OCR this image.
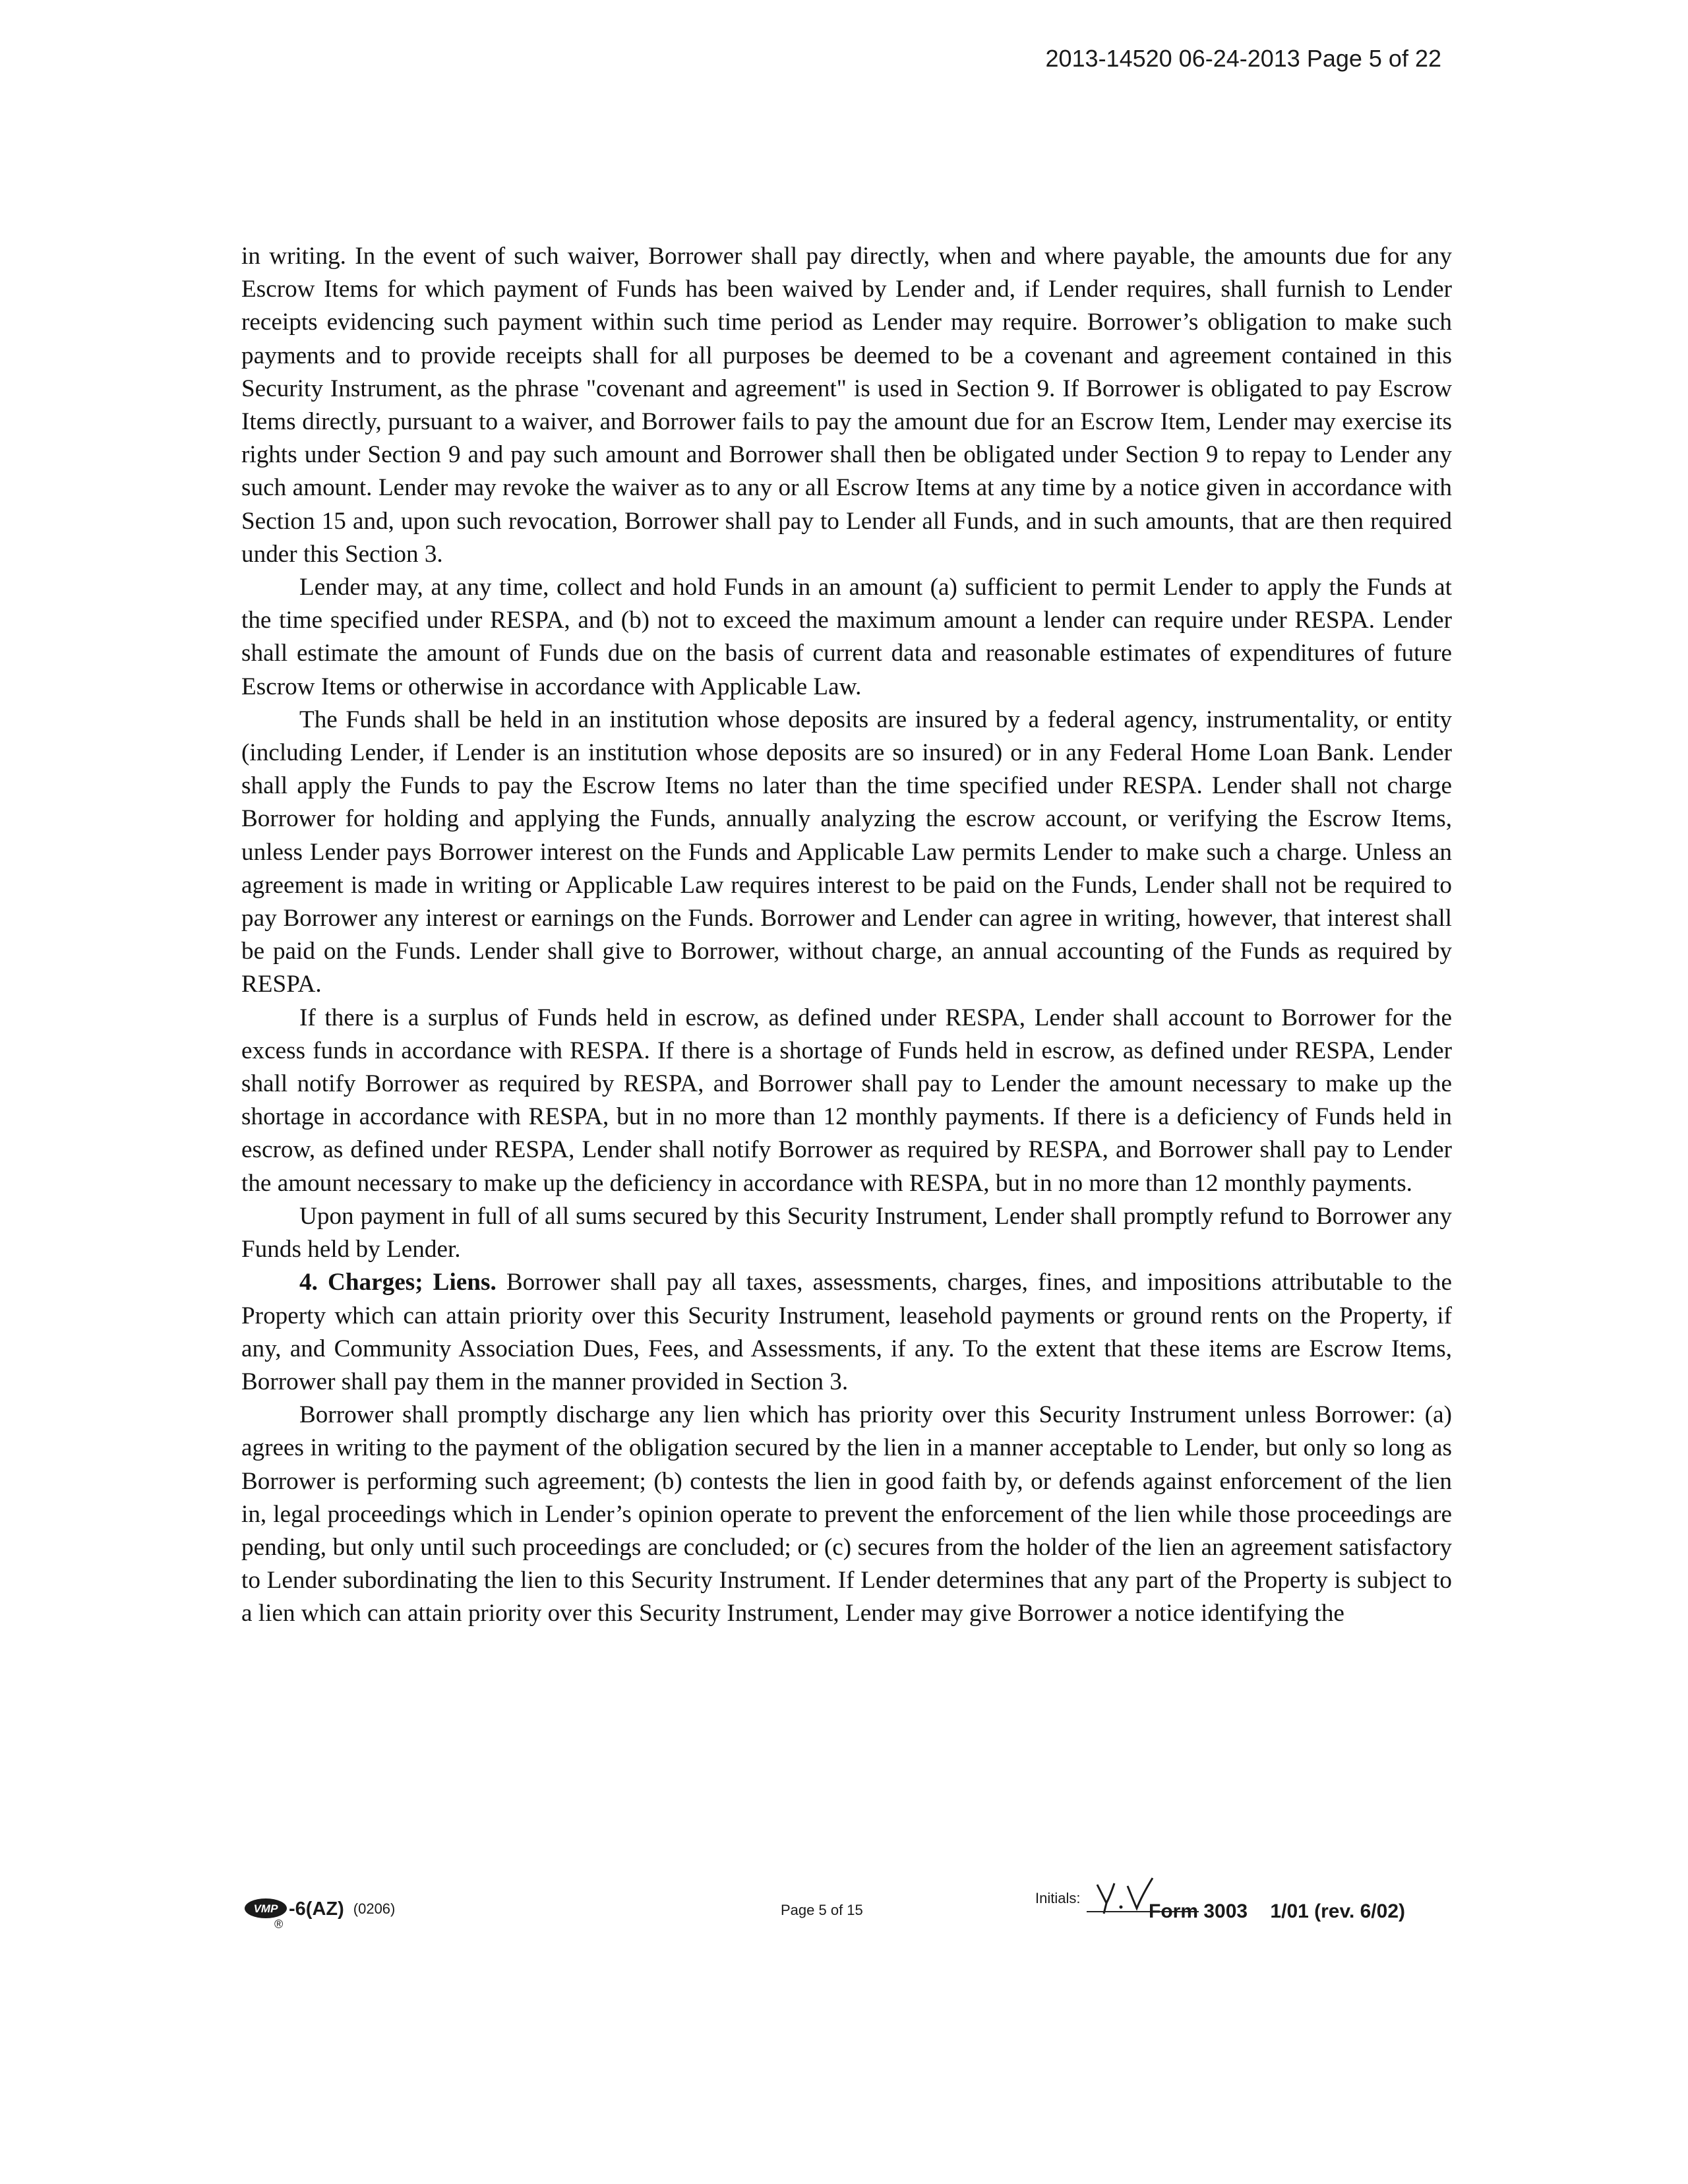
2013-14520 06-24-2013 Page 5 of 22

in writing. In the event of such waiver, Borrower shall pay directly, when and where payable, the amounts due for any Escrow Items for which payment of Funds has been waived by Lender and, if Lender requires, shall furnish to Lender receipts evidencing such payment within such time period as Lender may require. Borrower’s obligation to make such payments and to provide receipts shall for all purposes be deemed to be a covenant and agreement contained in this Security Instrument, as the phrase "covenant and agreement" is used in Section 9. If Borrower is obligated to pay Escrow Items directly, pursuant to a waiver, and Borrower fails to pay the amount due for an Escrow Item, Lender may exercise its rights under Section 9 and pay such amount and Borrower shall then be obligated under Section 9 to repay to Lender any such amount. Lender may revoke the waiver as to any or all Escrow Items at any time by a notice given in accordance with Section 15 and, upon such revocation, Borrower shall pay to Lender all Funds, and in such amounts, that are then required under this Section 3.

Lender may, at any time, collect and hold Funds in an amount (a) sufficient to permit Lender to apply the Funds at the time specified under RESPA, and (b) not to exceed the maximum amount a lender can require under RESPA. Lender shall estimate the amount of Funds due on the basis of current data and reasonable estimates of expenditures of future Escrow Items or otherwise in accordance with Applicable Law.

The Funds shall be held in an institution whose deposits are insured by a federal agency, instrumentality, or entity (including Lender, if Lender is an institution whose deposits are so insured) or in any Federal Home Loan Bank. Lender shall apply the Funds to pay the Escrow Items no later than the time specified under RESPA. Lender shall not charge Borrower for holding and applying the Funds, annually analyzing the escrow account, or verifying the Escrow Items, unless Lender pays Borrower interest on the Funds and Applicable Law permits Lender to make such a charge. Unless an agreement is made in writing or Applicable Law requires interest to be paid on the Funds, Lender shall not be required to pay Borrower any interest or earnings on the Funds. Borrower and Lender can agree in writing, however, that interest shall be paid on the Funds. Lender shall give to Borrower, without charge, an annual accounting of the Funds as required by RESPA.

If there is a surplus of Funds held in escrow, as defined under RESPA, Lender shall account to Borrower for the excess funds in accordance with RESPA. If there is a shortage of Funds held in escrow, as defined under RESPA, Lender shall notify Borrower as required by RESPA, and Borrower shall pay to Lender the amount necessary to make up the shortage in accordance with RESPA, but in no more than 12 monthly payments. If there is a deficiency of Funds held in escrow, as defined under RESPA, Lender shall notify Borrower as required by RESPA, and Borrower shall pay to Lender the amount necessary to make up the deficiency in accordance with RESPA, but in no more than 12 monthly payments.

Upon payment in full of all sums secured by this Security Instrument, Lender shall promptly refund to Borrower any Funds held by Lender.

4. Charges; Liens. Borrower shall pay all taxes, assessments, charges, fines, and impositions attributable to the Property which can attain priority over this Security Instrument, leasehold payments or ground rents on the Property, if any, and Community Association Dues, Fees, and Assessments, if any. To the extent that these items are Escrow Items, Borrower shall pay them in the manner provided in Section 3.

Borrower shall promptly discharge any lien which has priority over this Security Instrument unless Borrower: (a) agrees in writing to the payment of the obligation secured by the lien in a manner acceptable to Lender, but only so long as Borrower is performing such agreement; (b) contests the lien in good faith by, or defends against enforcement of the lien in, legal proceedings which in Lender’s opinion operate to prevent the enforcement of the lien while those proceedings are pending, but only until such proceedings are concluded; or (c) secures from the holder of the lien an agreement satisfactory to Lender subordinating the lien to this Security Instrument. If Lender determines that any part of the Property is subject to a lien which can attain priority over this Security Instrument, Lender may give Borrower a notice identifying the

VMP
®
-6(AZ) (0206)	Page 5 of 15
Initials:
Form 3003 1/01 (rev. 6/02)
